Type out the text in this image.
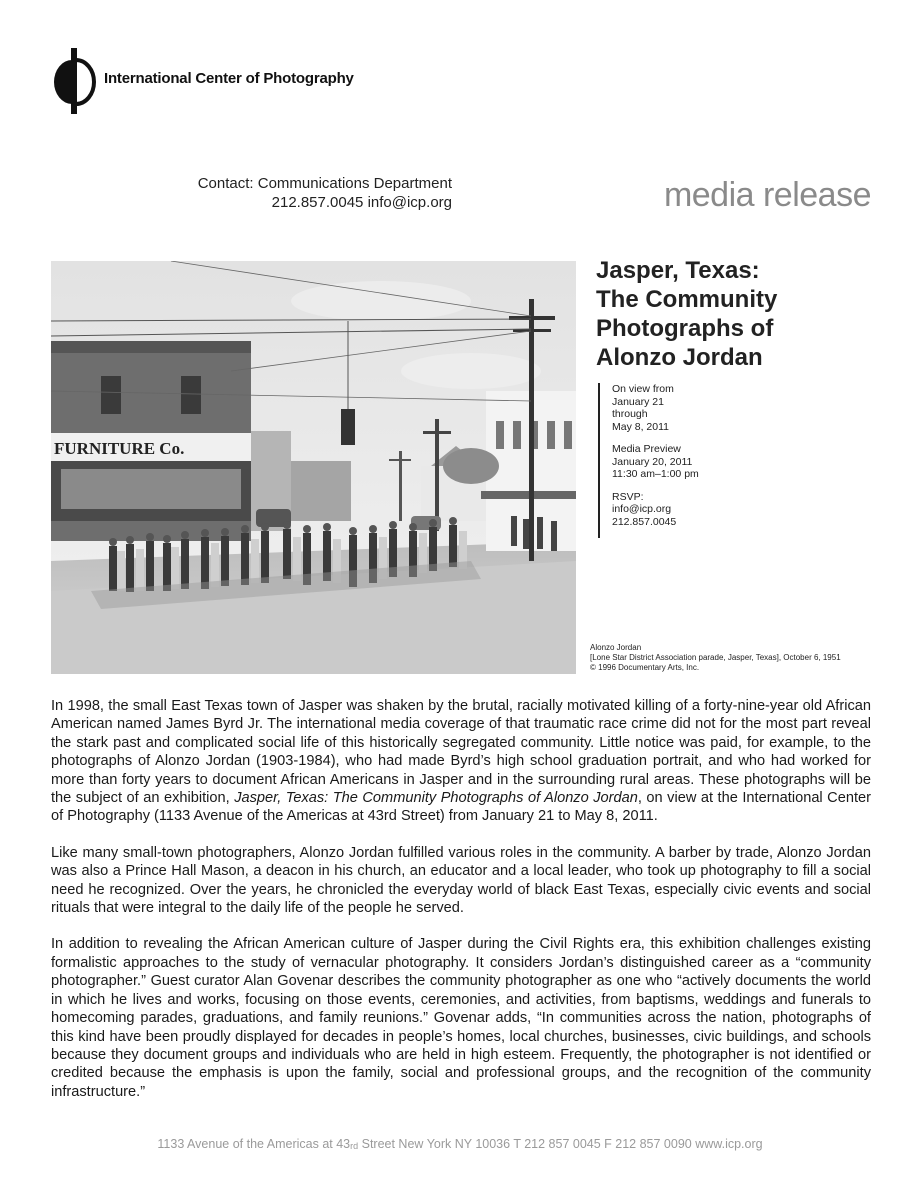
International Center of Photography
Contact: Communications Department
212.857.0045 info@icp.org	media release
FURNITURE Co.
Jasper, Texas:
The Community
Photographs of
Alonzo Jordan
On view from
January 21
through
May 8, 2011
Media Preview
January 20, 2011
11:30 am–1:00 pm
RSVP:
info@icp.org
212.857.0045
Alonzo Jordan
[Lone Star District Association parade, Jasper, Texas], October 6, 1951
© 1996 Documentary Arts, Inc.

In 1998, the small East Texas town of Jasper was shaken by the brutal, racially motivated killing of a forty-nine-year old African American named James Byrd Jr. The international media coverage of that traumatic race crime did not for the most part reveal the stark past and complicated social life of this historically segregated community. Little notice was paid, for example, to the photographs of Alonzo Jordan (1903-1984), who had made Byrd’s high school graduation portrait, and who had worked for more than forty years to document African Americans in Jasper and in the surrounding rural areas. These photographs will be the subject of an exhibition, Jasper, Texas: The Community Photographs of Alonzo Jordan, on view at the International Center of Photography (1133 Avenue of the Americas at 43rd Street) from January 21 to May 8, 2011.

Like many small-town photographers, Alonzo Jordan fulfilled various roles in the community. A barber by trade, Alonzo Jordan was also a Prince Hall Mason, a deacon in his church, an educator and a local leader, who took up photography to fill a social need he recognized. Over the years, he chronicled the everyday world of black East Texas, especially civic events and social rituals that were integral to the daily life of the people he served.

In addition to revealing the African American culture of Jasper during the Civil Rights era, this exhibition challenges existing formalistic approaches to the study of vernacular photography. It considers Jordan’s distinguished career as a “community photographer.” Guest curator Alan Govenar describes the community photographer as one who “actively documents the world in which he lives and works, focusing on those events, ceremonies, and activities, from baptisms, weddings and funerals to homecoming parades, graduations, and family reunions.” Govenar adds, “In communities across the nation, photographs of this kind have been proudly displayed for decades in people’s homes, local churches, businesses, civic buildings, and schools because they document groups and individuals who are held in high esteem. Frequently, the photographer is not identified or credited because the emphasis is upon the family, social and professional groups, and the recognition of the community infrastructure.”

1133 Avenue of the Americas at $43_{rd}$ Street New York NY 10036 T 212 857 0045 F 212 857 0090 www.icp.org
